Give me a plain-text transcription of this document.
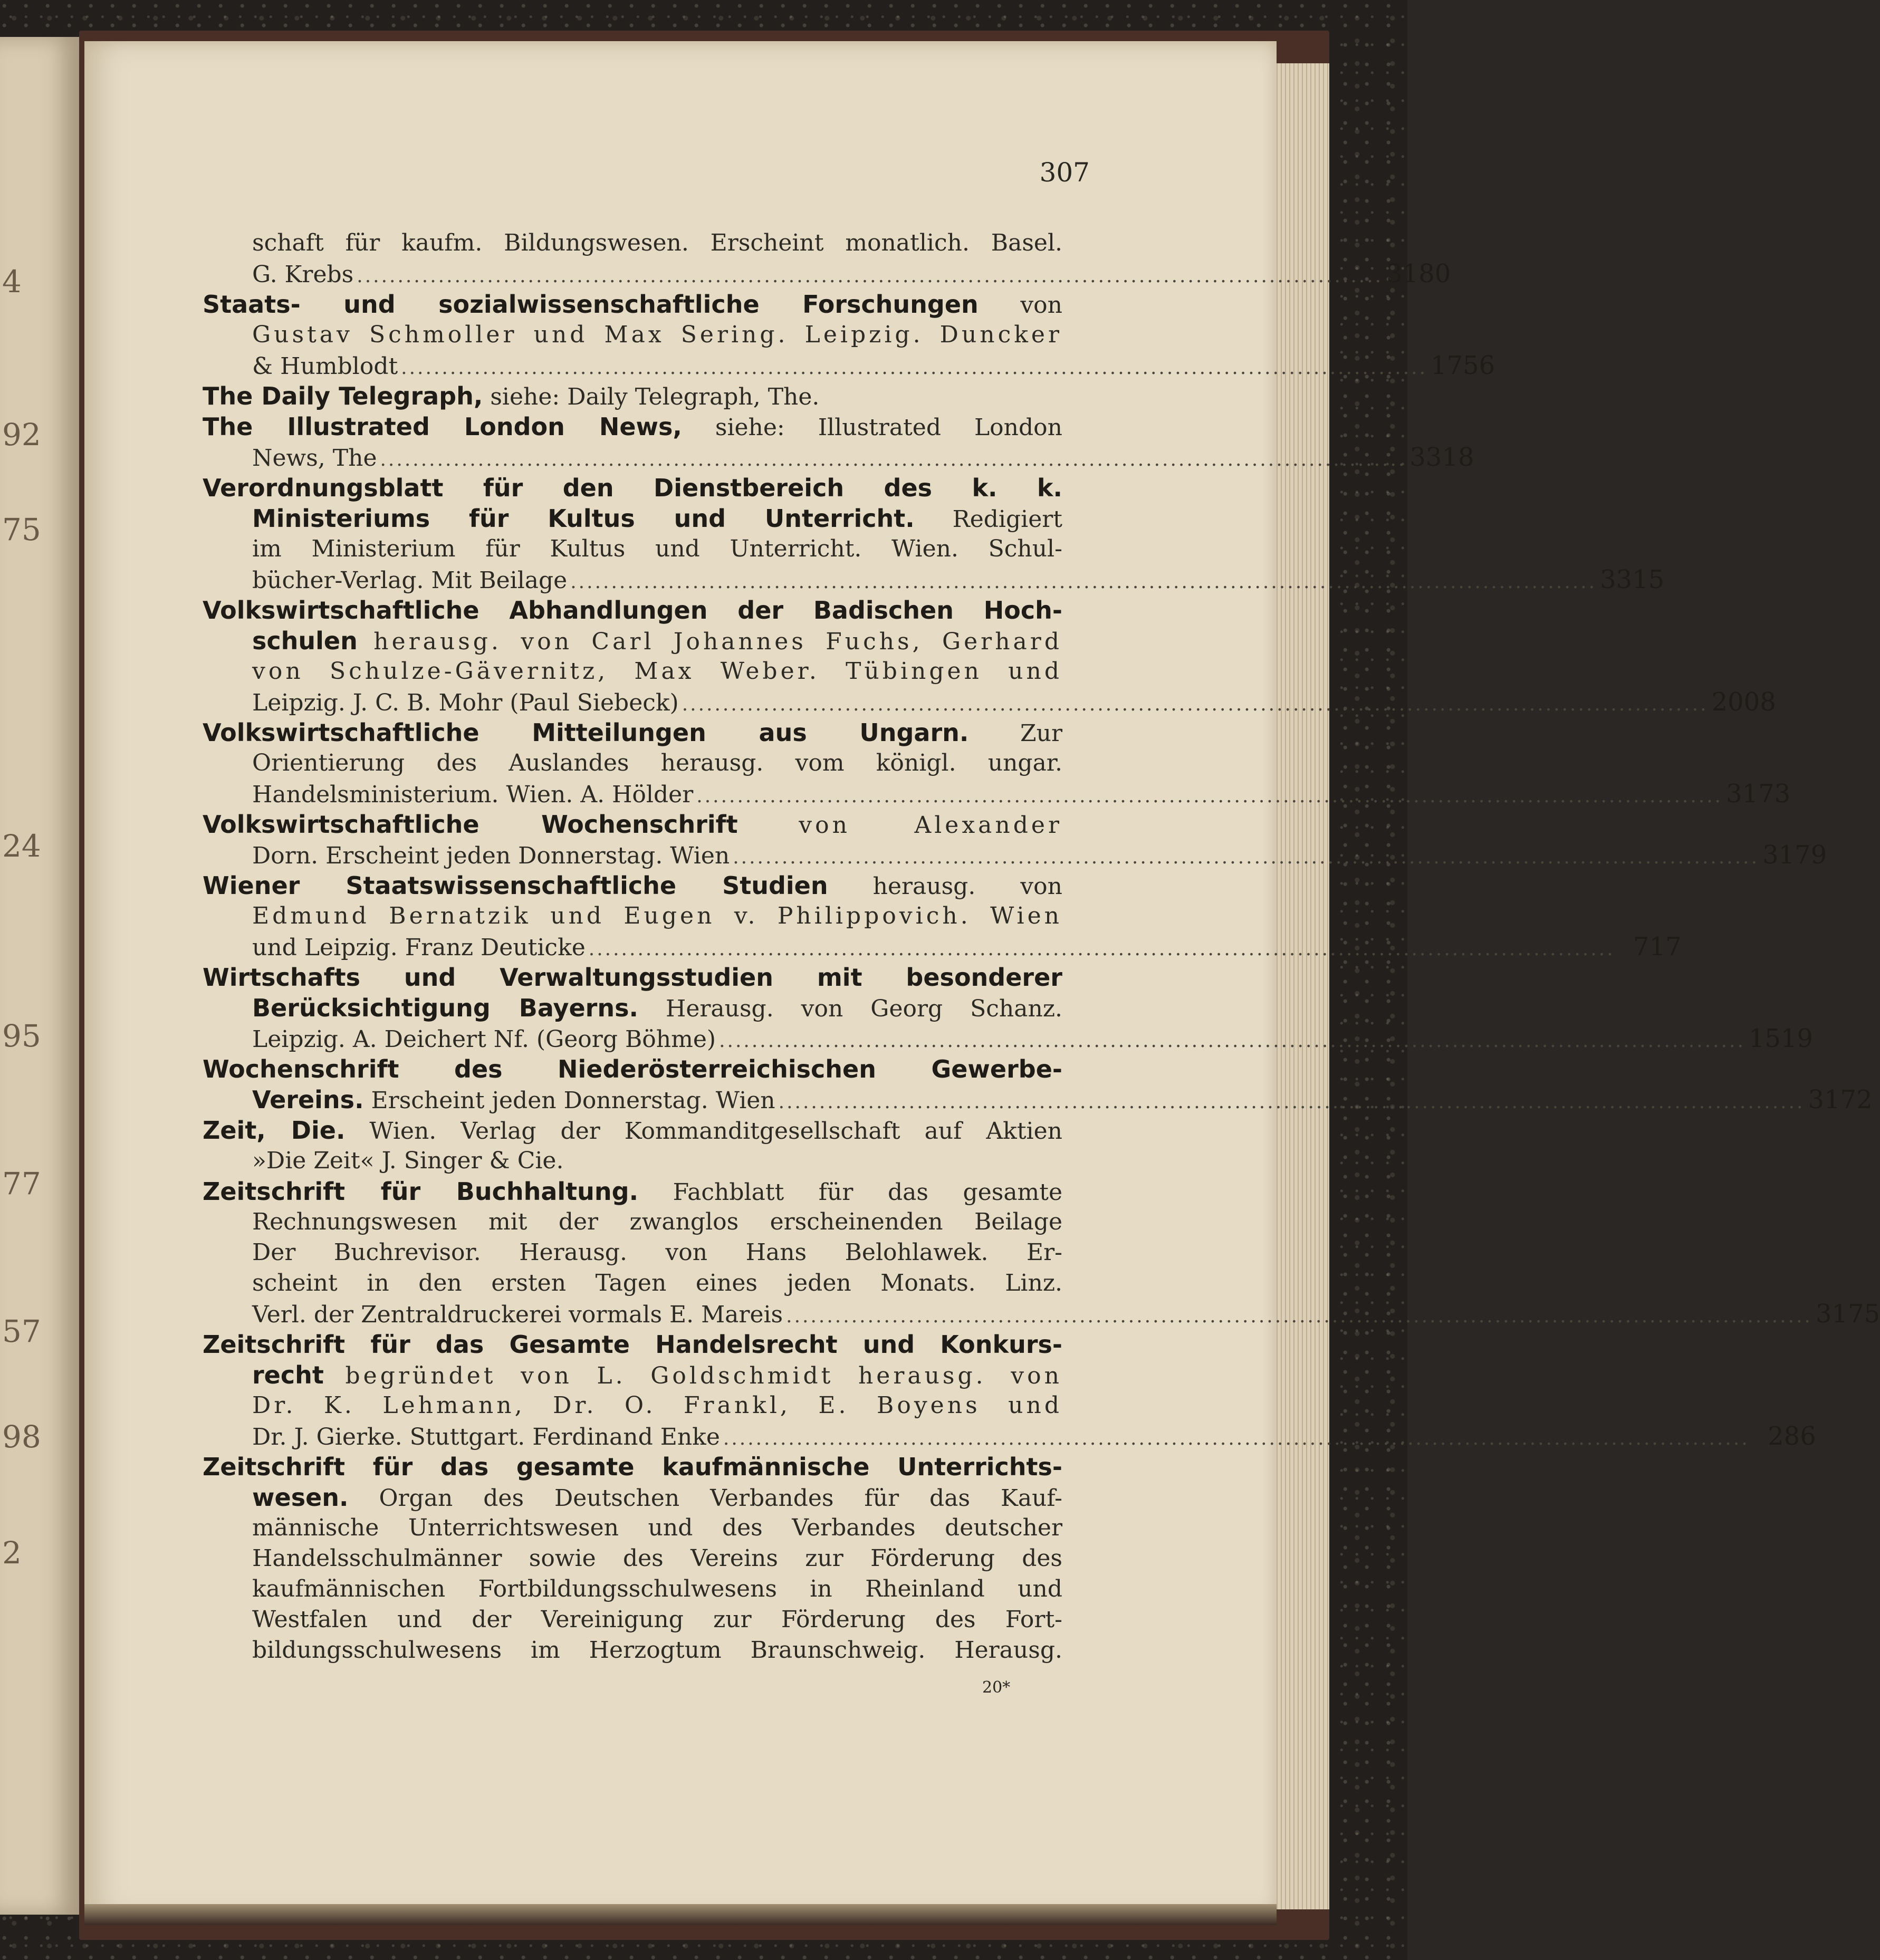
4
92
75
24
95
77
57
98
2
307
schaft für kaufm. Bildungswesen. Erscheint monatlich. Basel.
G. Krebs .............................................................................................................................. 3180
Staats- und sozialwissenschaftliche Forschungen von
Gustav Schmoller und Max Sering. Leipzig. Duncker
& Humblodt .............................................................................................................................. 1756
The Daily Telegraph, siehe: Daily Telegraph, The.
The Illustrated London News, siehe: Illustrated London
News, The .............................................................................................................................. 3318
Verordnungsblatt für den Dienstbereich des k. k.
Ministeriums für Kultus und Unterricht. Redigiert
im Ministerium für Kultus und Unterricht. Wien. Schul-
bücher-Verlag. Mit Beilage .............................................................................................................................. 3315
Volkswirtschaftliche Abhandlungen der Badischen Hoch-
schulen herausg. von Carl Johannes Fuchs, Gerhard
von Schulze-Gävernitz, Max Weber. Tübingen und
Leipzig. J. C. B. Mohr (Paul Siebeck) .............................................................................................................................. 2008
Volkswirtschaftliche Mitteilungen aus Ungarn. Zur
Orientierung des Auslandes herausg. vom königl. ungar.
Handelsministerium. Wien. A. Hölder .............................................................................................................................. 3173
Volkswirtschaftliche Wochenschrift	von Alexander
Dorn. Erscheint jeden Donnerstag. Wien .............................................................................................................................. 3179
Wiener Staatswissenschaftliche Studien herausg. von
Edmund Bernatzik und Eugen v. Philippovich. Wien
und Leipzig. Franz Deuticke .............................................................................................................................. 717
Wirtschafts und Verwaltungsstudien mit besonderer
Berücksichtigung Bayerns. Herausg. von Georg Schanz.
Leipzig. A. Deichert Nf. (Georg Böhme) .............................................................................................................................. 1519
Wochenschrift des Niederösterreichischen Gewerbe-
Vereins. Erscheint jeden Donnerstag. Wien .............................................................................................................................. 3172
Zeit, Die. Wien. Verlag der Kommanditgesellschaft auf Aktien
»Die Zeit« J. Singer & Cie.
Zeitschrift für Buchhaltung. Fachblatt für das gesamte
Rechnungswesen mit der zwanglos erscheinenden Beilage
Der Buchrevisor. Herausg. von Hans Belohlawek. Er-
scheint in den ersten Tagen eines jeden Monats. Linz.
Verl. der Zentraldruckerei vormals E. Mareis .............................................................................................................................. 3175
Zeitschrift für das Gesamte Handelsrecht und Konkurs-
recht begründet von L. Goldschmidt herausg. von
Dr. K. Lehmann, Dr. O. Frankl, E. Boyens und
Dr. J. Gierke. Stuttgart. Ferdinand Enke .............................................................................................................................. 286
Zeitschrift für das gesamte kaufmännische Unterrichts-
wesen. Organ des Deutschen Verbandes für das Kauf-
männische Unterrichtswesen und des Verbandes deutscher
Handelsschulmänner sowie des Vereins zur Förderung des
kaufmännischen Fortbildungsschulwesens in Rheinland und
Westfalen und der Vereinigung zur Förderung des Fort-
bildungsschulwesens im Herzogtum Braunschweig. Herausg.
20*
